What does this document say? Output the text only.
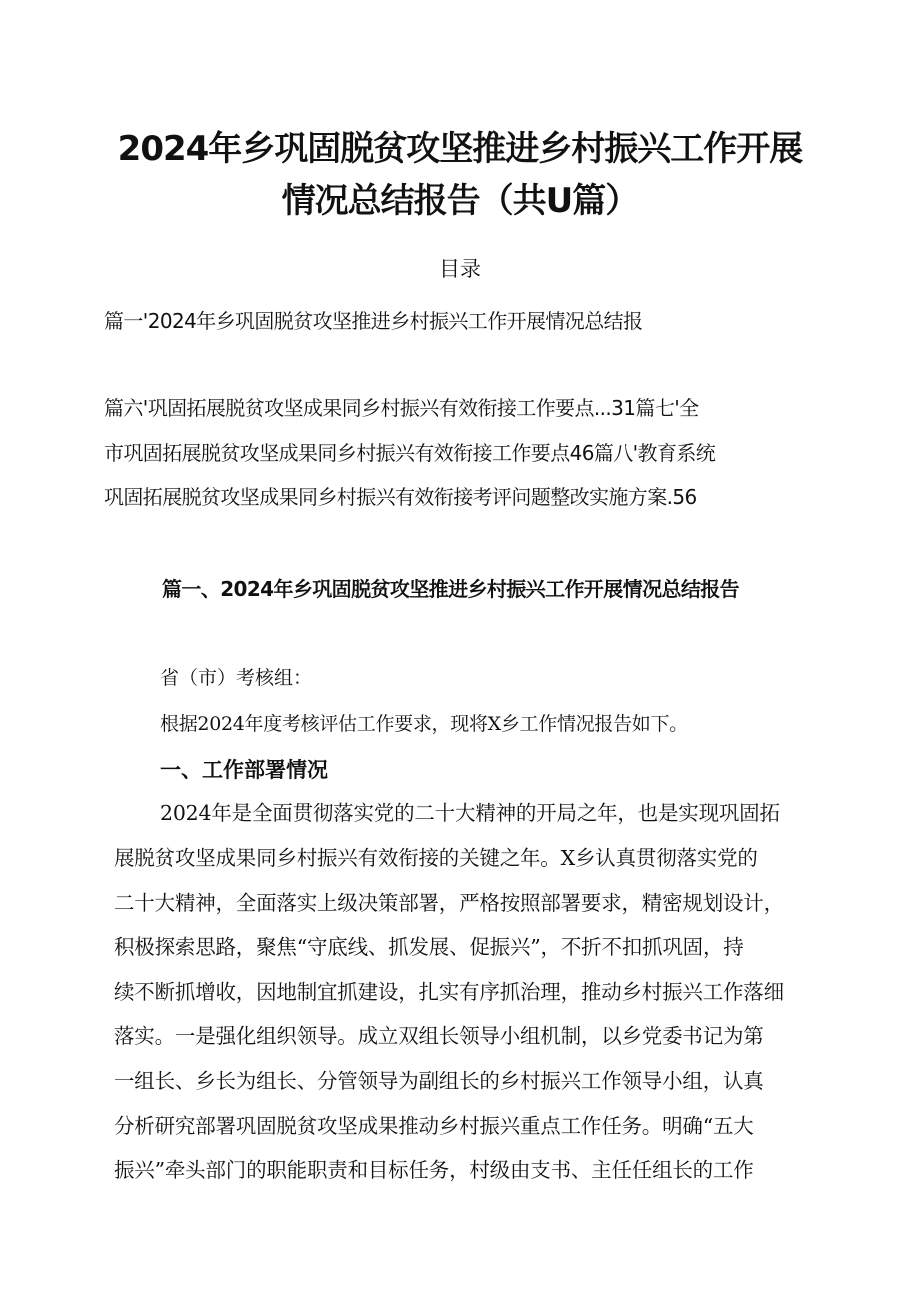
2024年乡巩固脱贫攻坚推进乡村振兴工作开展
情况总结报告（共U篇）
目录
篇一'2024年乡巩固脱贫攻坚推进乡村振兴工作开展情况总结报
篇六'巩固拓展脱贫攻坚成果同乡村振兴有效衔接工作要点...31篇七'全
市巩固拓展脱贫攻坚成果同乡村振兴有效衔接工作要点46篇八'教育系统
巩固拓展脱贫攻坚成果同乡村振兴有效衔接考评问题整改实施方案.56
篇一、2024年乡巩固脱贫攻坚推进乡村振兴工作开展情况总结报告

省（市）考核组：

根据2024年度考核评估工作要求，现将X乡工作情况报告如下。

一、工作部署情况

2024年是全面贯彻落实党的二十大精神的开局之年，也是实现巩固拓

展脱贫攻坚成果同乡村振兴有效衔接的关键之年。X乡认真贯彻落实党的

二十大精神，全面落实上级决策部署，严格按照部署要求，精密规划设计，

积极探索思路，聚焦“守底线、抓发展、促振兴”，不折不扣抓巩固，持

续不断抓增收，因地制宜抓建设，扎实有序抓治理，推动乡村振兴工作落细

落实。一是强化组织领导。成立双组长领导小组机制，以乡党委书记为第

一组长、乡长为组长、分管领导为副组长的乡村振兴工作领导小组，认真

分析研究部署巩固脱贫攻坚成果推动乡村振兴重点工作任务。明确“五大

振兴”牵头部门的职能职责和目标任务，村级由支书、主任任组长的工作
